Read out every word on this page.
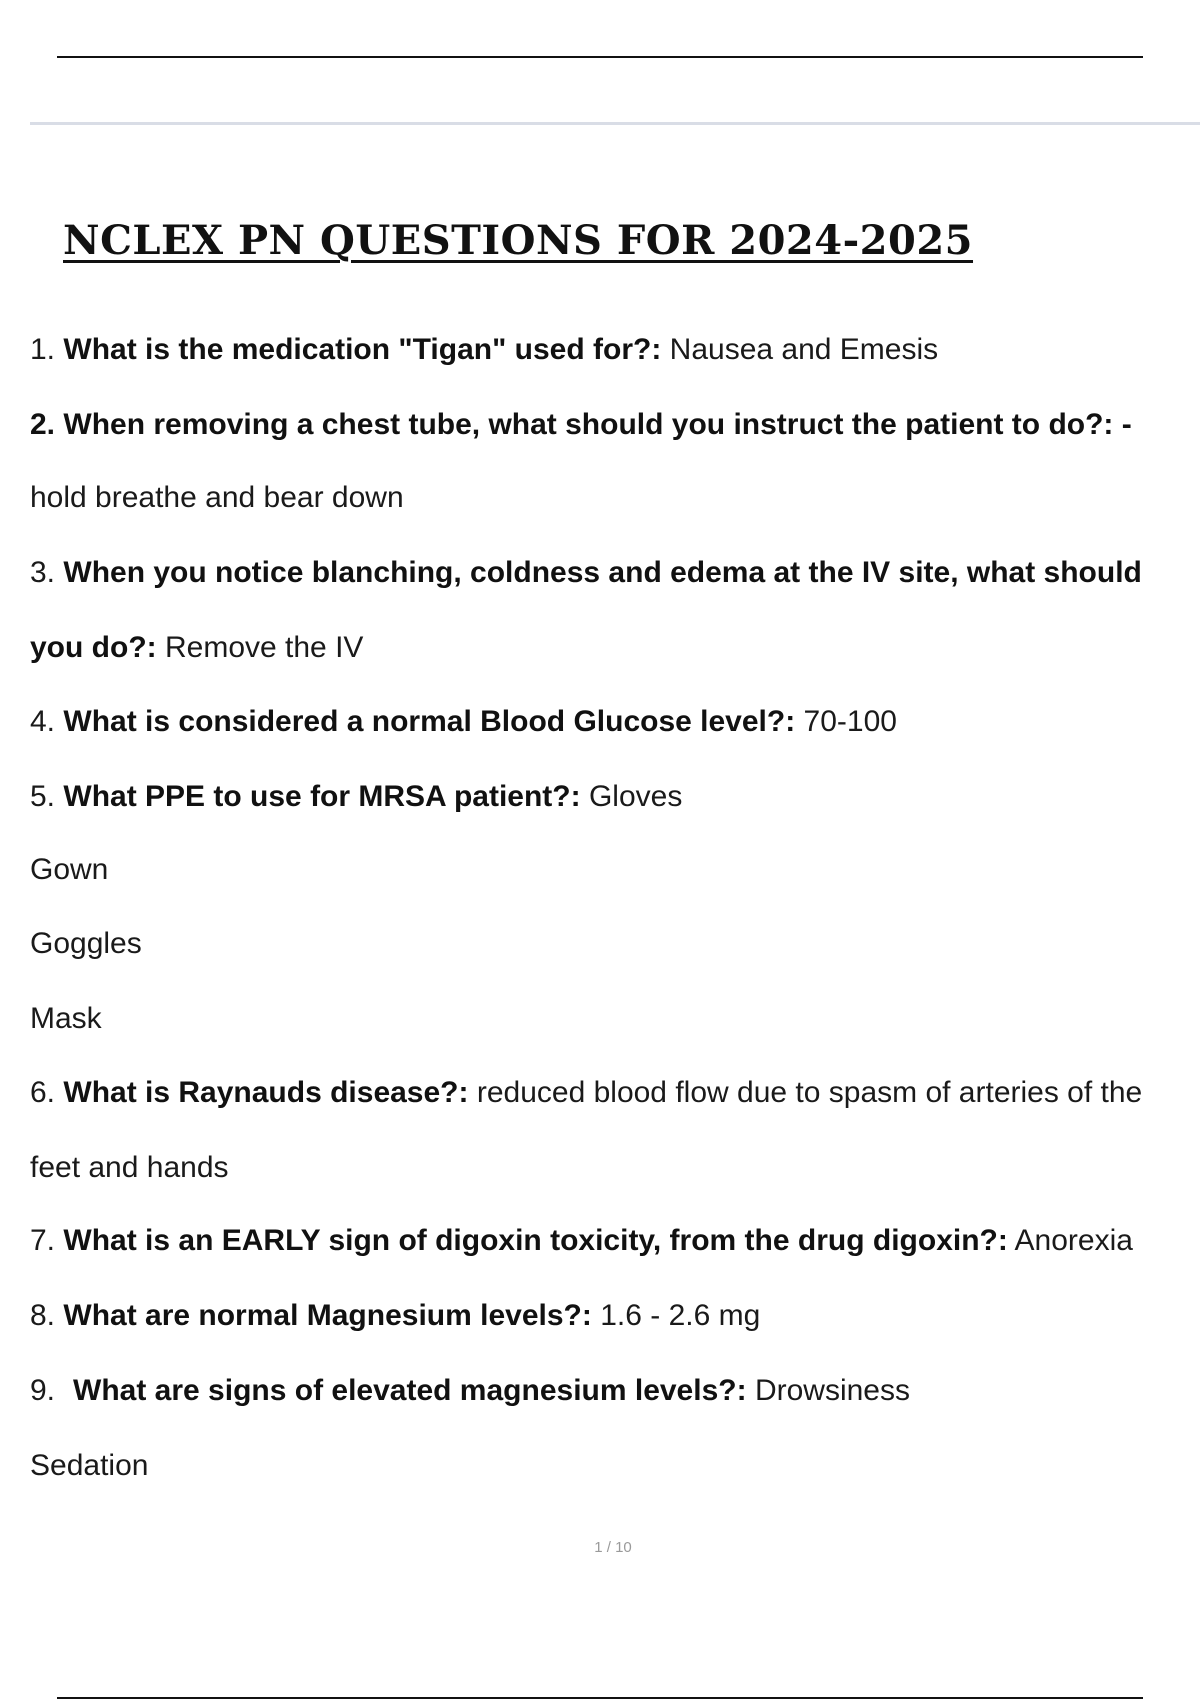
NCLEX PN QUESTIONS FOR 2024-2025
1. What is the medication "Tigan" used for?: Nausea and Emesis
2. When removing a chest tube, what should you instruct the patient to do?: -
hold breathe and bear down
3. When you notice blanching, coldness and edema at the IV site, what should
you do?: Remove the IV
4. What is considered a normal Blood Glucose level?: 70-100
5. What PPE to use for MRSA patient?: Gloves
Gown
Goggles
Mask
6. What is Raynauds disease?: reduced blood flow due to spasm of arteries of the
feet and hands
7. What is an EARLY sign of digoxin toxicity, from the drug digoxin?: Anorexia
8. What are normal Magnesium levels?: 1.6 - 2.6 mg
9. What are signs of elevated magnesium levels?: Drowsiness
Sedation
1 / 10
